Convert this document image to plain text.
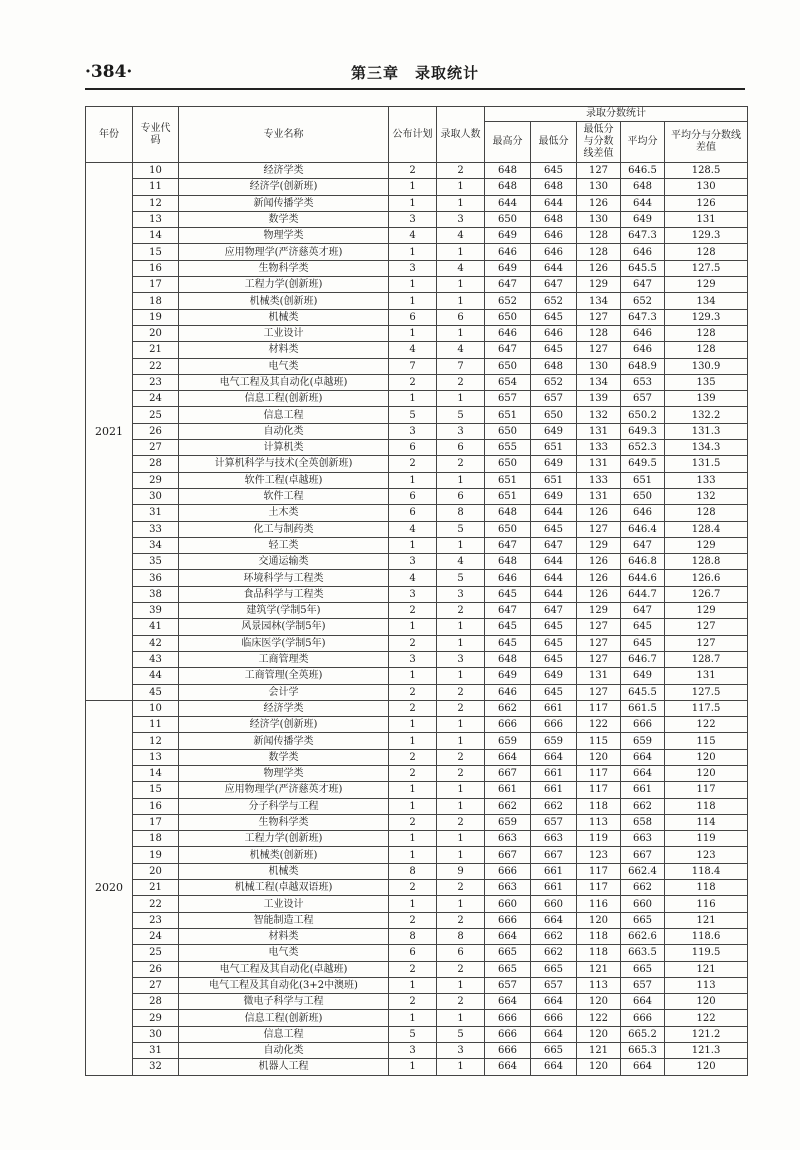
·384·	第三章　录取统计
年份	专业代码	专业名称	公布计划	录取人数	录取分数统计				
					最高分	最低分	最低分与分数线差值	平均分	平均分与分数线差值
2021	10	经济学类	2	2	648	645	127	646.5	128.5
	11	经济学(创新班)	1	1	648	648	130	648	130
	12	新闻传播学类	1	1	644	644	126	644	126
	13	数学类	3	3	650	648	130	649	131
	14	物理学类	4	4	649	646	128	647.3	129.3
	15	应用物理学(严济慈英才班)	1	1	646	646	128	646	128
	16	生物科学类	3	4	649	644	126	645.5	127.5
	17	工程力学(创新班)	1	1	647	647	129	647	129
	18	机械类(创新班)	1	1	652	652	134	652	134
	19	机械类	6	6	650	645	127	647.3	129.3
	20	工业设计	1	1	646	646	128	646	128
	21	材料类	4	4	647	645	127	646	128
	22	电气类	7	7	650	648	130	648.9	130.9
	23	电气工程及其自动化(卓越班)	2	2	654	652	134	653	135
	24	信息工程(创新班)	1	1	657	657	139	657	139
	25	信息工程	5	5	651	650	132	650.2	132.2
	26	自动化类	3	3	650	649	131	649.3	131.3
	27	计算机类	6	6	655	651	133	652.3	134.3
	28	计算机科学与技术(全英创新班)	2	2	650	649	131	649.5	131.5
	29	软件工程(卓越班)	1	1	651	651	133	651	133
	30	软件工程	6	6	651	649	131	650	132
	31	土木类	6	8	648	644	126	646	128
	33	化工与制药类	4	5	650	645	127	646.4	128.4
	34	轻工类	1	1	647	647	129	647	129
	35	交通运输类	3	4	648	644	126	646.8	128.8
	36	环境科学与工程类	4	5	646	644	126	644.6	126.6
	38	食品科学与工程类	3	3	645	644	126	644.7	126.7
	39	建筑学(学制5年)	2	2	647	647	129	647	129
	41	风景园林(学制5年)	1	1	645	645	127	645	127
	42	临床医学(学制5年)	2	1	645	645	127	645	127
	43	工商管理类	3	3	648	645	127	646.7	128.7
	44	工商管理(全英班)	1	1	649	649	131	649	131
	45	会计学	2	2	646	645	127	645.5	127.5
2020	10	经济学类	2	2	662	661	117	661.5	117.5
	11	经济学(创新班)	1	1	666	666	122	666	122
	12	新闻传播学类	1	1	659	659	115	659	115
	13	数学类	2	2	664	664	120	664	120
	14	物理学类	2	2	667	661	117	664	120
	15	应用物理学(严济慈英才班)	1	1	661	661	117	661	117
	16	分子科学与工程	1	1	662	662	118	662	118
	17	生物科学类	2	2	659	657	113	658	114
	18	工程力学(创新班)	1	1	663	663	119	663	119
	19	机械类(创新班)	1	1	667	667	123	667	123
	20	机械类	8	9	666	661	117	662.4	118.4
	21	机械工程(卓越双语班)	2	2	663	661	117	662	118
	22	工业设计	1	1	660	660	116	660	116
	23	智能制造工程	2	2	666	664	120	665	121
	24	材料类	8	8	664	662	118	662.6	118.6
	25	电气类	6	6	665	662	118	663.5	119.5
	26	电气工程及其自动化(卓越班)	2	2	665	665	121	665	121
	27	电气工程及其自动化(3+2中澳班)	1	1	657	657	113	657	113
	28	微电子科学与工程	2	2	664	664	120	664	120
	29	信息工程(创新班)	1	1	666	666	122	666	122
	30	信息工程	5	5	666	664	120	665.2	121.2
	31	自动化类	3	3	666	665	121	665.3	121.3
	32	机器人工程	1	1	664	664	120	664	120
